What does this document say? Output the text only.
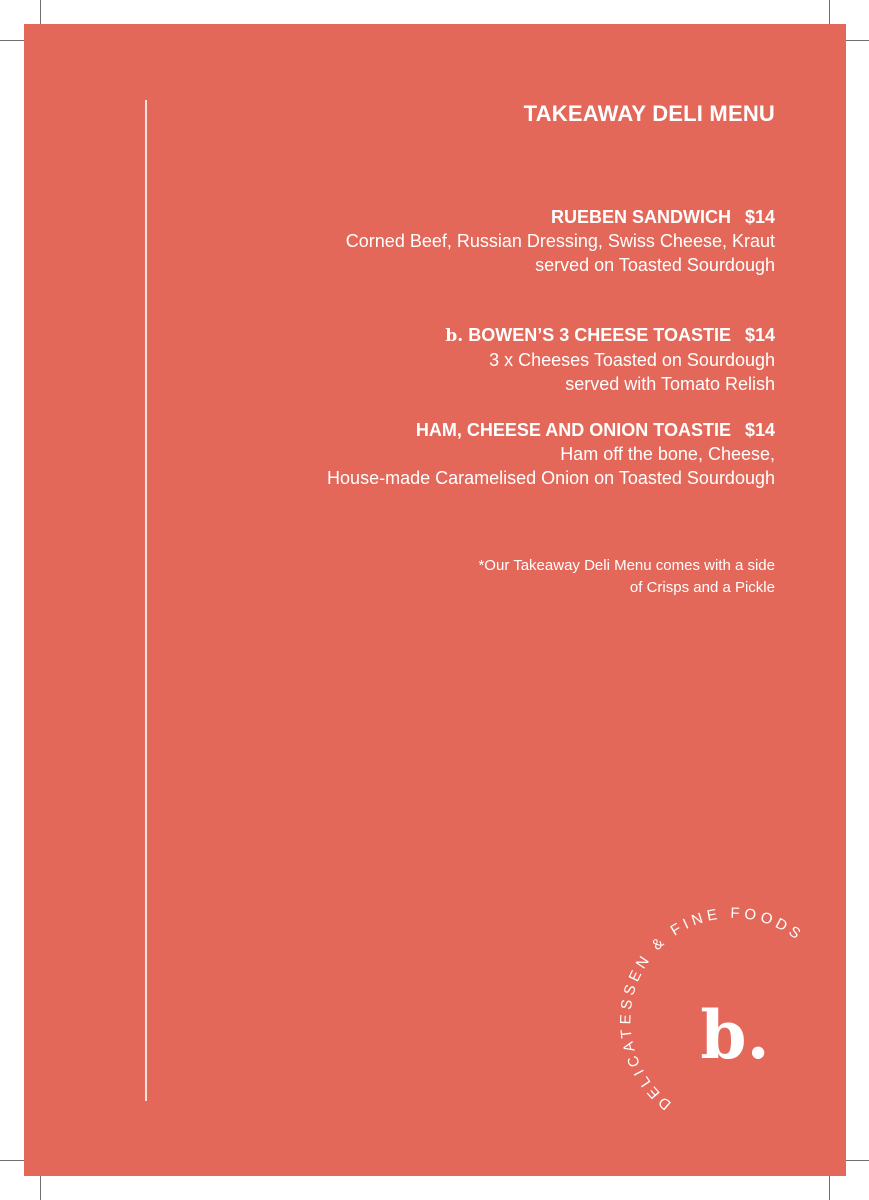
TAKEAWAY DELI MENU
RUEBEN SANDWICH $14
Corned Beef, Russian Dressing, Swiss Cheese, Kraut
served on Toasted Sourdough
b. BOWEN’S 3 CHEESE TOASTIE $14
3 x Cheeses Toasted on Sourdough
served with Tomato Relish
HAM, CHEESE AND ONION TOASTIE $14
Ham off the bone, Cheese,
House-made Caramelised Onion on Toasted Sourdough
*Our Takeaway Deli Menu comes with a side
of Crisps and a Pickle
DELICATESSEN & FINE FOODS
b.
